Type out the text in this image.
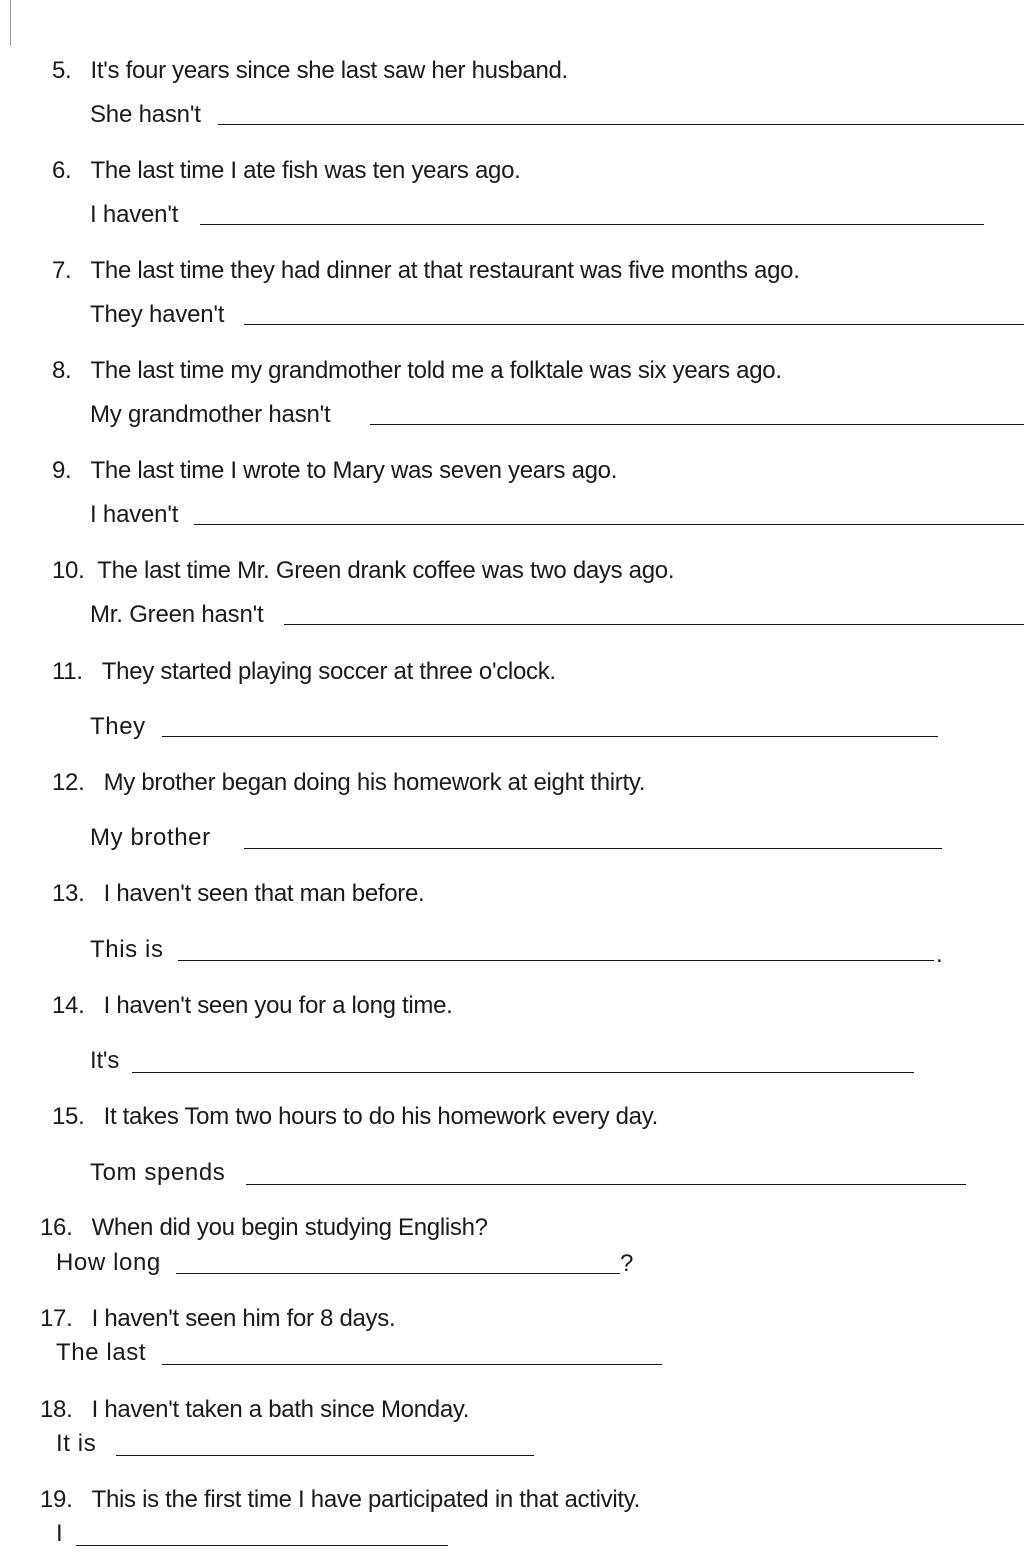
5. It's four years since she last saw her husband.
She hasn't
6. The last time I ate fish was ten years ago.
I haven't
7. The last time they had dinner at that restaurant was five months ago.
They haven't
8. The last time my grandmother told me a folktale was six years ago.
My grandmother hasn't
9. The last time I wrote to Mary was seven years ago.
I haven't
10. The last time Mr. Green drank coffee was two days ago.
Mr. Green hasn't
11. They started playing soccer at three o'clock.
They
12. My brother began doing his homework at eight thirty.
My brother
13. I haven't seen that man before.
This is	.
14. I haven't seen you for a long time.
It's
15. It takes Tom two hours to do his homework every day.
Tom spends
16. When did you begin studying English?
How long	?
17. I haven't seen him for 8 days.
The last
18. I haven't taken a bath since Monday.
It is
19. This is the first time I have participated in that activity.
I
